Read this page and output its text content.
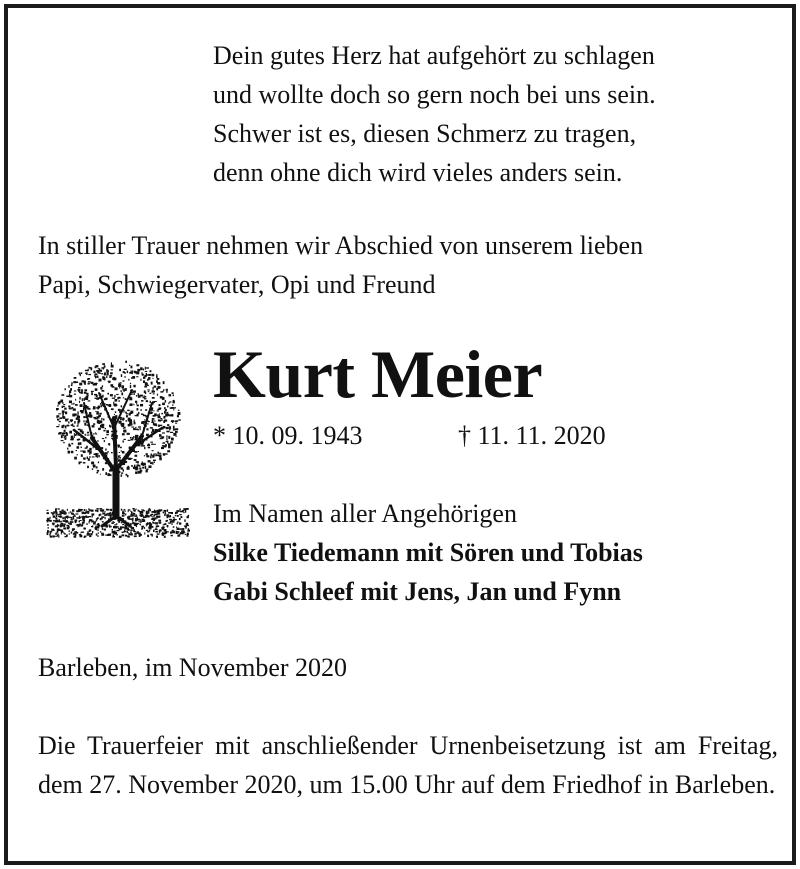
Dein gutes Herz hat aufgehört zu schlagen
und wollte doch so gern noch bei uns sein.
Schwer ist es, diesen Schmerz zu tragen,
denn ohne dich wird vieles anders sein.
In stiller Trauer nehmen wir Abschied von unserem lieben
Papi, Schwiegervater, Opi und Freund
Kurt Meier
* 10. 09. 1943	† 11. 11. 2020
Im Namen aller Angehörigen
Silke Tiedemann mit Sören und Tobias
Gabi Schleef mit Jens, Jan und Fynn
Barleben, im November 2020
Die Trauerfeier mit anschließender Urnenbeisetzung ist am Freitag, dem 27. November 2020, um 15.00 Uhr auf dem Friedhof in Barleben.
